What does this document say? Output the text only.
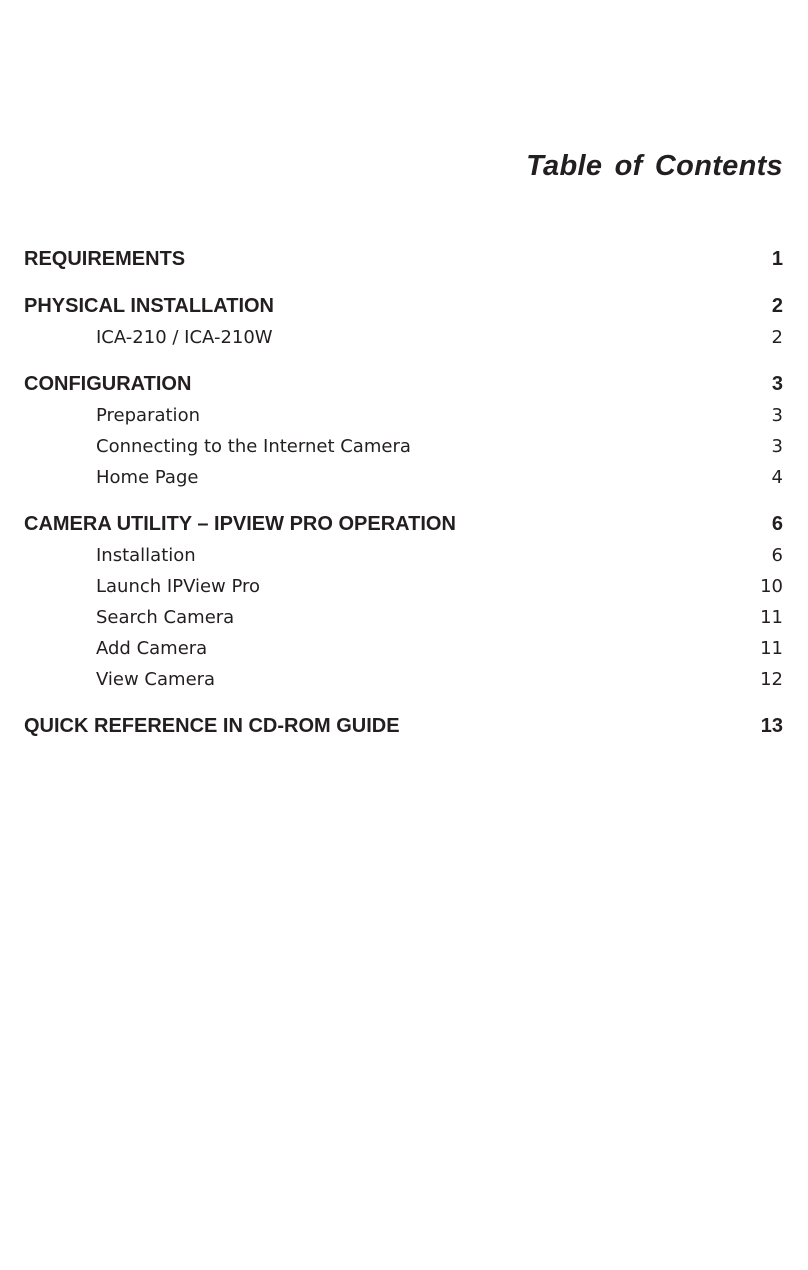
Table of Contents
REQUIREMENTS	1
PHYSICAL INSTALLATION	2
ICA-210 / ICA-210W	2
CONFIGURATION	3
Preparation	3
Connecting to the Internet Camera	3
Home Page	4
CAMERA UTILITY – IPVIEW PRO OPERATION	6
Installation	6
Launch IPView Pro	10
Search Camera	11
Add Camera	11
View Camera	12
QUICK REFERENCE IN CD-ROM GUIDE	13
